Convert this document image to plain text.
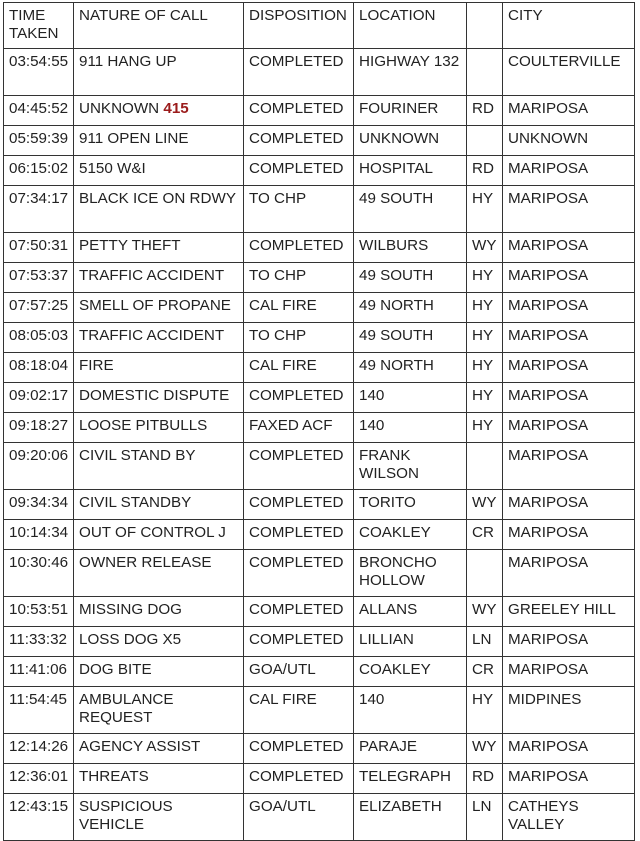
TIME TAKEN	NATURE OF CALL	DISPOSITION	LOCATION		CITY
03:54:55	911 HANG UP	COMPLETED	HIGHWAY 132		COULTERVILLE
04:45:52	UNKNOWN 415	COMPLETED	FOURINER	RD	MARIPOSA
05:59:39	911 OPEN LINE	COMPLETED	UNKNOWN		UNKNOWN
06:15:02	5150 W&I	COMPLETED	HOSPITAL	RD	MARIPOSA
07:34:17	BLACK ICE ON RDWY	TO CHP	49 SOUTH	HY	MARIPOSA
07:50:31	PETTY THEFT	COMPLETED	WILBURS	WY	MARIPOSA
07:53:37	TRAFFIC ACCIDENT	TO CHP	49 SOUTH	HY	MARIPOSA
07:57:25	SMELL OF PROPANE	CAL FIRE	49 NORTH	HY	MARIPOSA
08:05:03	TRAFFIC ACCIDENT	TO CHP	49 SOUTH	HY	MARIPOSA
08:18:04	FIRE	CAL FIRE	49 NORTH	HY	MARIPOSA
09:02:17	DOMESTIC DISPUTE	COMPLETED	140	HY	MARIPOSA
09:18:27	LOOSE PITBULLS	FAXED ACF	140	HY	MARIPOSA
09:20:06	CIVIL STAND BY	COMPLETED	FRANK WILSON		MARIPOSA
09:34:34	CIVIL STANDBY	COMPLETED	TORITO	WY	MARIPOSA
10:14:34	OUT OF CONTROL J	COMPLETED	COAKLEY	CR	MARIPOSA
10:30:46	OWNER RELEASE	COMPLETED	BRONCHO HOLLOW		MARIPOSA
10:53:51	MISSING DOG	COMPLETED	ALLANS	WY	GREELEY HILL
11:33:32	LOSS DOG X5	COMPLETED	LILLIAN	LN	MARIPOSA
11:41:06	DOG BITE	GOA/UTL	COAKLEY	CR	MARIPOSA
11:54:45	AMBULANCE REQUEST	CAL FIRE	140	HY	MIDPINES
12:14:26	AGENCY ASSIST	COMPLETED	PARAJE	WY	MARIPOSA
12:36:01	THREATS	COMPLETED	TELEGRAPH	RD	MARIPOSA
12:43:15	SUSPICIOUS VEHICLE	GOA/UTL	ELIZABETH	LN	CATHEYS VALLEY
